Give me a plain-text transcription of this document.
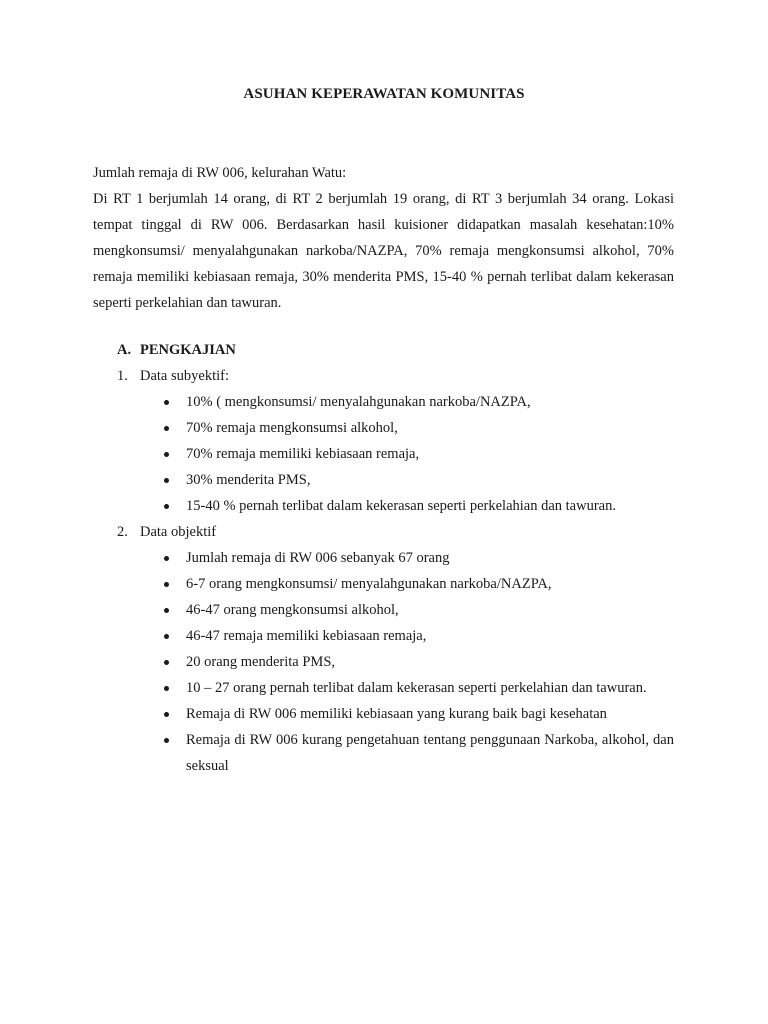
ASUHAN KEPERAWATAN KOMUNITAS

Jumlah remaja di RW 006, kelurahan Watu:

Di RT 1 berjumlah 14 orang, di RT 2 berjumlah 19 orang, di RT 3 berjumlah 34 orang. Lokasi tempat tinggal di RW 006. Berdasarkan hasil kuisioner didapatkan masalah kesehatan:10% mengkonsumsi/ menyalahgunakan narkoba/NAZPA, 70% remaja mengkonsumsi alkohol, 70% remaja memiliki kebiasaan remaja, 30% menderita PMS, 15-40 % pernah terlibat dalam kekerasan seperti perkelahian dan tawuran.

A. PENGKAJIAN
1. Data subyektif:
10% ( mengkonsumsi/ menyalahgunakan narkoba/NAZPA,
70% remaja mengkonsumsi alkohol,
70% remaja memiliki kebiasaan remaja,
30% menderita PMS,
15-40 % pernah terlibat dalam kekerasan seperti perkelahian dan tawuran.
2. Data objektif
Jumlah remaja di RW 006 sebanyak 67 orang
6-7 orang mengkonsumsi/ menyalahgunakan narkoba/NAZPA,
46-47 orang mengkonsumsi alkohol,
46-47 remaja memiliki kebiasaan remaja,
20 orang menderita PMS,
10 – 27 orang pernah terlibat dalam kekerasan seperti perkelahian dan tawuran.
Remaja di RW 006 memiliki kebiasaan yang kurang baik bagi kesehatan
Remaja di RW 006 kurang pengetahuan tentang penggunaan Narkoba, alkohol, dan seksual
